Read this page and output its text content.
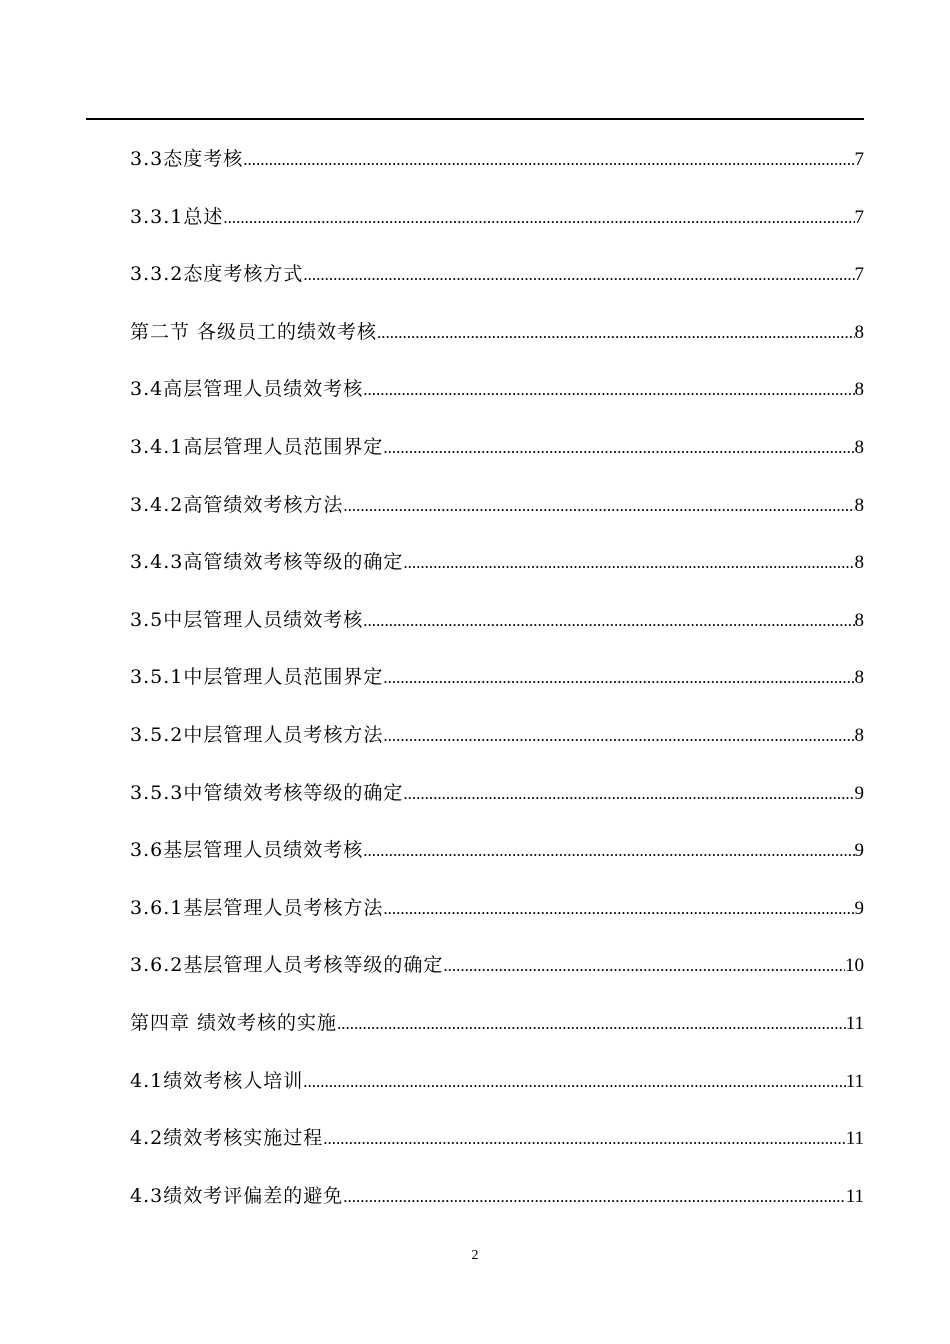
3.3态度考核 .....	7
3.3.1总述 .....	7
3.3.2态度考核方式 .....	7
第二节 各级员工的绩效考核 .....	8
3.4高层管理人员绩效考核 .....	8
3.4.1高层管理人员范围界定 .....	8
3.4.2高管绩效考核方法 .....	8
3.4.3高管绩效考核等级的确定 .....	8
3.5中层管理人员绩效考核 .....	8
3.5.1中层管理人员范围界定 .....	8
3.5.2中层管理人员考核方法 .....	8
3.5.3中管绩效考核等级的确定 .....	9
3.6基层管理人员绩效考核 .....	9
3.6.1基层管理人员考核方法 .....	9
3.6.2基层管理人员考核等级的确定 .....	10
第四章 绩效考核的实施 .....	11
4.1绩效考核人培训 .....	11
4.2绩效考核实施过程 .....	11
4.3绩效考评偏差的避免 .....	11
2
